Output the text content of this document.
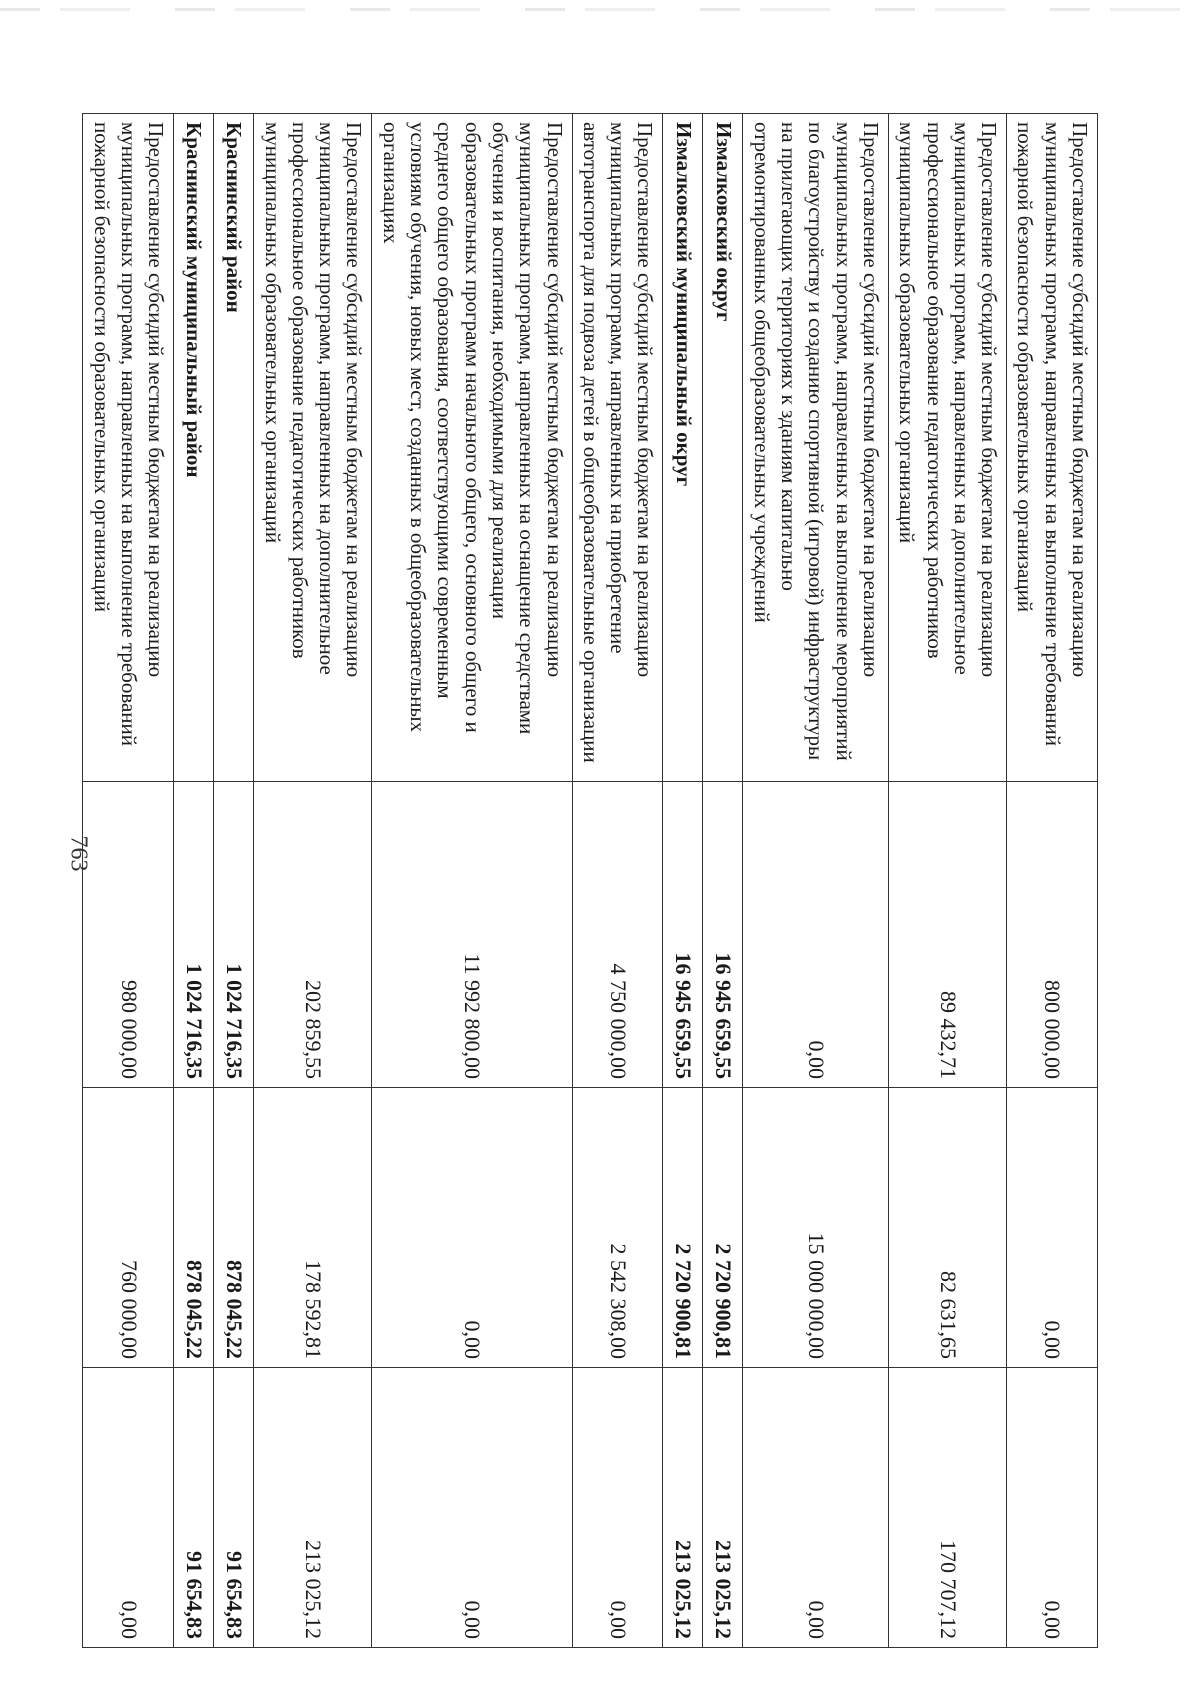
763
Предоставление субсидий местным бюджетам на реализацию муниципальных программ, направленных на выполнение требований пожарной безопасности образовательных организаций	800 000,00	0,00	0,00
Предоставление субсидий местным бюджетам на реализацию муниципальных программ, направленных на дополнительное профессиональное образование педагогических работников муниципальных образовательных организаций	89 432,71	82 631,65	170 707,12
Предоставление субсидий местным бюджетам на реализацию муниципальных программ, направленных на выполнение мероприятий по благоустройству и созданию спортивной (игровой) инфраструктуры на прилегающих территориях к зданиям капитально отремонтированных общеобразовательных учреждений	0,00	15 000 000,00	0,00
Измалковский округ	16 945 659,55	2 720 900,81	213 025,12
Измалковский муниципальный округ	16 945 659,55	2 720 900,81	213 025,12
Предоставление субсидий местным бюджетам на реализацию муниципальных программ, направленных на приобретение автотранспорта для подвоза детей в общеобразовательные организации	4 750 000,00	2 542 308,00	0,00
Предоставление субсидий местным бюджетам на реализацию муниципальных программ, направленных на оснащение средствами обучения и воспитания, необходимыми для реализации образовательных программ начального общего, основного общего и среднего общего образования, соответствующими современным условиям обучения, новых мест, созданных в общеобразовательных организациях	11 992 800,00	0,00	0,00
Предоставление субсидий местным бюджетам на реализацию муниципальных программ, направленных на дополнительное профессиональное образование педагогических работников муниципальных образовательных организаций	202 859,55	178 592,81	213 025,12
Краснинский район	1 024 716,35	878 045,22	91 654,83
Краснинский муниципальный район	1 024 716,35	878 045,22	91 654,83
Предоставление субсидий местным бюджетам на реализацию муниципальных программ, направленных на выполнение требований пожарной безопасности образовательных организаций	980 000,00	760 000,00	0,00
